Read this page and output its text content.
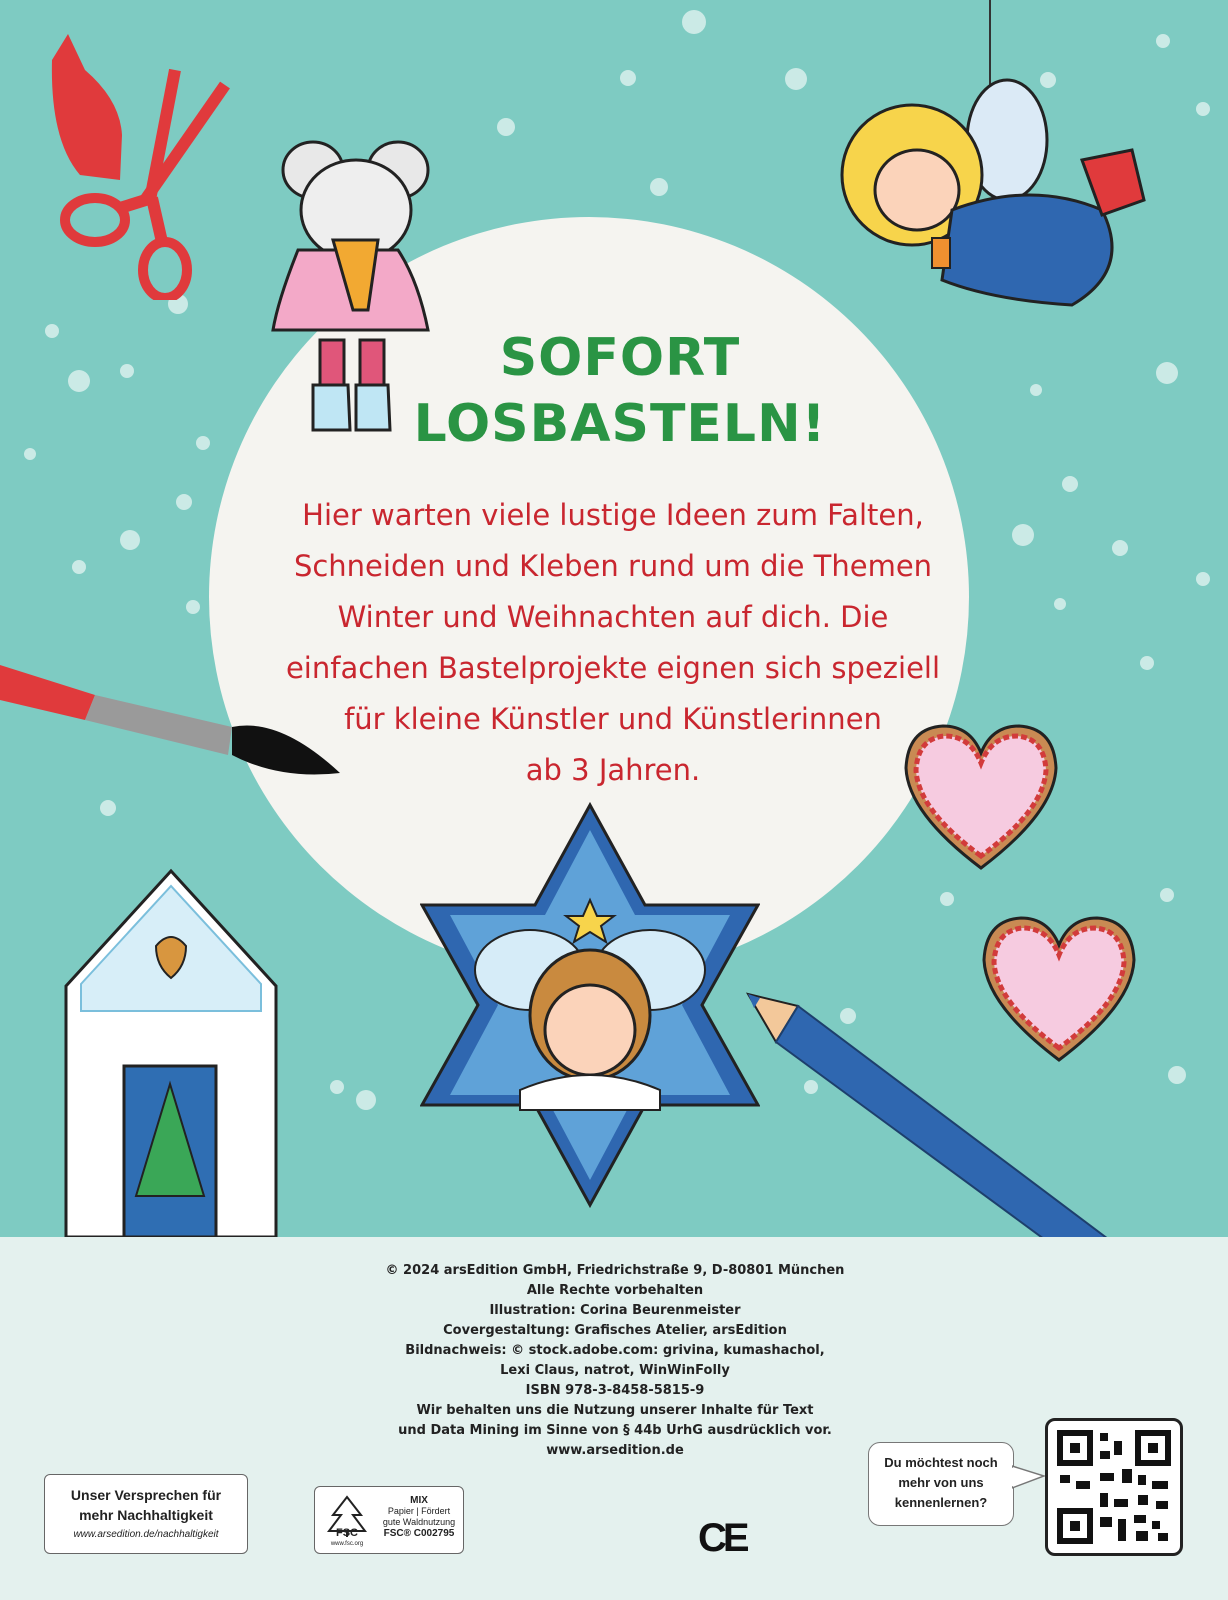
SOFORT
LOSBASTELN!
Hier warten viele lustige Ideen zum Falten,
Schneiden und Kleben rund um die Themen
Winter und Weihnachten auf dich. Die
einfachen Bastelprojekte eignen sich speziell
für kleine Künstler und Künstlerinnen
ab 3 Jahren.
© 2024 arsEdition GmbH, Friedrichstraße 9, D-80801 München
Alle Rechte vorbehalten
Illustration: Corina Beurenmeister
Covergestaltung: Grafisches Atelier, arsEdition
Bildnachweis: © stock.adobe.com: grivina, kumashachol,
Lexi Claus, natrot, WinWinFolly
ISBN 978-3-8458-5815-9
Wir behalten uns die Nutzung unserer Inhalte für Text
und Data Mining im Sinne von § 44b UrhG ausdrücklich vor.
www.arsedition.de
Unser Versprechen für
mehr Nachhaltigkeit
www.arsedition.de/nachhaltigkeit	FSC
www.fsc.org
MIX
Papier | Fördert
gute Waldnutzung
FSC® C002795	CE
Du möchtest noch
mehr von uns
kennenlernen?
